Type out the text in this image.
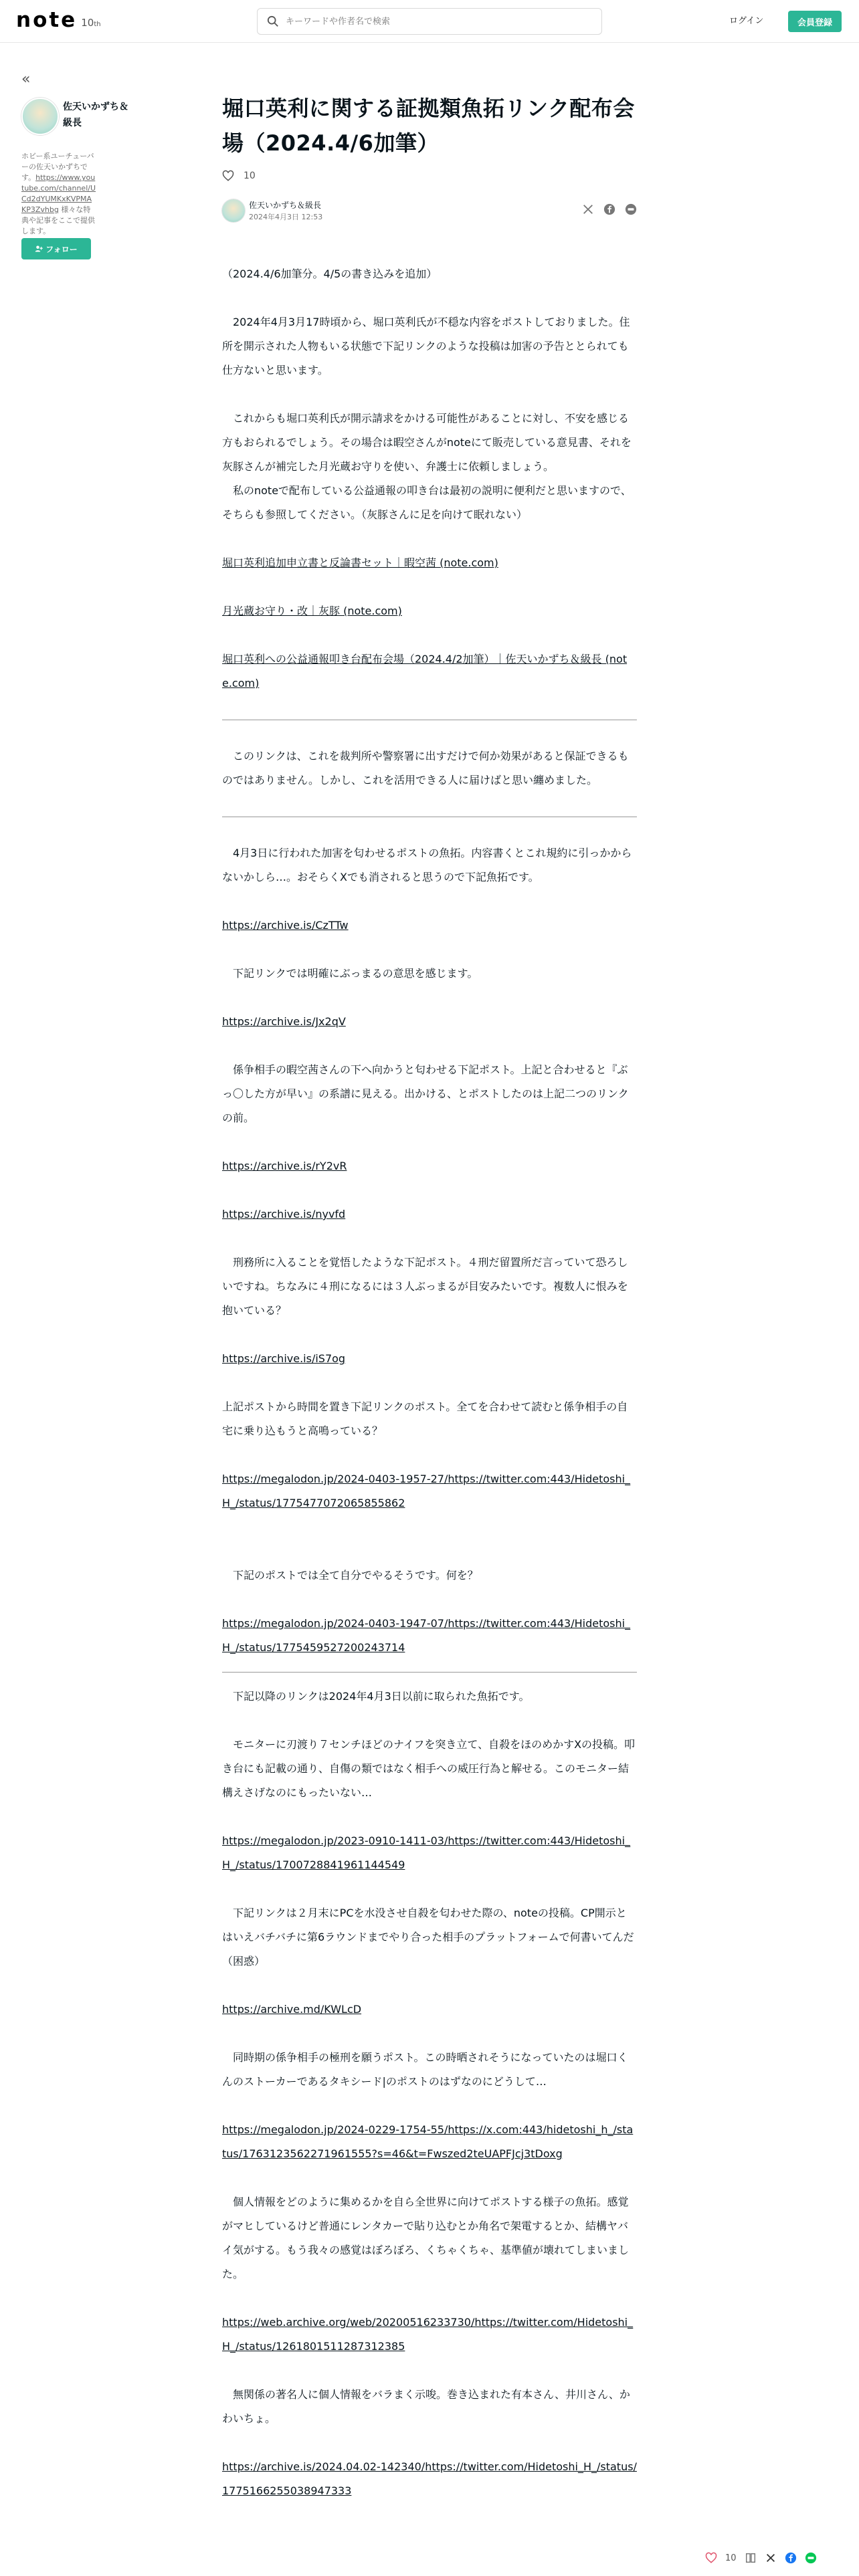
note 10th
キーワードや作者名で検索	ログイン	会員登録
«
佐天いかずち＆級長
ホビー系ユーチューバーの佐天いかずちです。https://www.youtube.com/channel/UCd2dYUMKxKVPMAKP3Zvhbg 様々な特典や記事をここで提供します。
フォロー
堀口英利に関する証拠類魚拓リンク配布会場（2024.4/6加筆）
10
佐天いかずち＆級長
2024年4月3日 12:53

（2024.4/6加筆分。4/5の書き込みを追加）

　2024年4月3月17時頃から、堀口英利氏が不穏な内容をポストしておりました。住所を開示された人物もいる状態で下記リンクのような投稿は加害の予告ととられても仕方ないと思います。

　これからも堀口英利氏が開示請求をかける可能性があることに対し、不安を感じる方もおられるでしょう。その場合は暇空さんがnoteにて販売している意見書、それを灰豚さんが補完した月光蔵お守りを使い、弁護士に依頼しましょう。

　私のnoteで配布している公益通報の叩き台は最初の説明に便利だと思いますので、そちらも参照してください。（灰豚さんに足を向けて眠れない）

堀口英利追加申立書と反論書セット｜暇空茜 (note.com)

月光蔵お守り・改｜灰豚 (note.com)

堀口英利への公益通報叩き台配布会場（2024.4/2加筆）｜佐天いかずち＆級長 (note.com)

　このリンクは、これを裁判所や警察署に出すだけで何か効果があると保証できるものではありません。しかし、これを活用できる人に届けばと思い纏めました。

　4月3日に行われた加害を匂わせるポストの魚拓。内容書くとこれ規約に引っかからないかしら…。おそらくXでも消されると思うので下記魚拓です。

https://archive.is/CzTTw

　下記リンクでは明確にぶっまるの意思を感じます。

https://archive.is/Jx2qV

　係争相手の暇空茜さんの下へ向かうと匂わせる下記ポスト。上記と合わせると『ぶっ〇した方が早い』の系譜に見える。出かける、とポストしたのは上記二つのリンクの前。

https://archive.is/rY2vR

https://archive.is/nyvfd

　刑務所に入ることを覚悟したような下記ポスト。４刑だ留置所だ言っていて恐ろしいですね。ちなみに４刑になるには３人ぶっまるが目安みたいです。複数人に恨みを抱いている？

https://archive.is/iS7og

上記ポストから時間を置き下記リンクのポスト。全てを合わせて読むと係争相手の自宅に乗り込もうと高鳴っている？

https://megalodon.jp/2024-0403-1957-27/https://twitter.com:443/Hidetoshi_H_/status/1775477072065855862

　下記のポストでは全て自分でやるそうです。何を？

https://megalodon.jp/2024-0403-1947-07/https://twitter.com:443/Hidetoshi_H_/status/1775459527200243714

　下記以降のリンクは2024年4月3日以前に取られた魚拓です。

　モニターに刃渡り７センチほどのナイフを突き立て、自殺をほのめかすXの投稿。叩き台にも記載の通り、自傷の類ではなく相手への威圧行為と解せる。このモニター結構えさげなのにもったいない…

https://megalodon.jp/2023-0910-1411-03/https://twitter.com:443/Hidetoshi_H_/status/1700728841961144549

　下記リンクは２月末にPCを水没させ自殺を匂わせた際の、noteの投稿。CP開示とはいえバチバチに第6ラウンドまでやり合った相手のプラットフォームで何書いてんだ（困惑）

https://archive.md/KWLcD

　同時期の係争相手の極刑を願うポスト。この時晒されそうになっていたのは堀口くんのストーカーであるタキシード|のポストのはずなのにどうして…

https://megalodon.jp/2024-0229-1754-55/https://x.com:443/hidetoshi_h_/status/1763123562271961555?s=46&t=Fwszed2teUAPFJcj3tDoxg

　個人情報をどのように集めるかを自ら全世界に向けてポストする様子の魚拓。感覚がマヒしているけど普通にレンタカーで貼り込むとか角名で架電するとか、結構ヤバイ気がする。もう我々の感覚はぼろぼろ、くちゃくちゃ、基準値が壊れてしまいました。

https://web.archive.org/web/20200516233730/https://twitter.com/Hidetoshi_H_/status/1261801511287312385

　無関係の著名人に個人情報をバラまく示唆。巻き込まれた有本さん、井川さん、かわいちょ。

https://archive.is/2024.04.02-142340/https://twitter.com/Hidetoshi_H_/status/1775166255038947333

10
